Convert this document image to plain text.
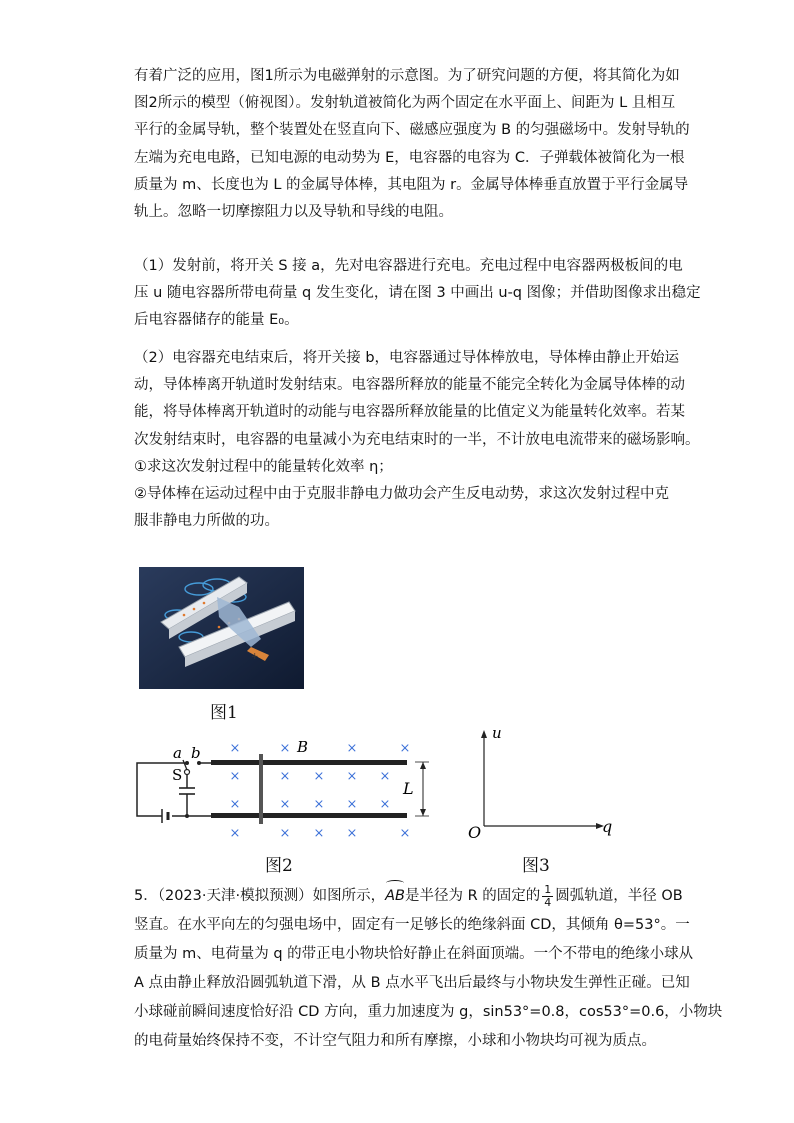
有着广泛的应用，图1所示为电磁弹射的示意图。为了研究问题的方便，将其简化为如
图2所示的模型（俯视图）。发射轨道被简化为两个固定在水平面上、间距为 L 且相互
平行的金属导轨，整个装置处在竖直向下、磁感应强度为 B 的匀强磁场中。发射导轨的
左端为充电电路，已知电源的电动势为 E，电容器的电容为 C．子弹载体被简化为一根
质量为 m、长度也为 L 的金属导体棒，其电阻为 r。金属导体棒垂直放置于平行金属导
轨上。忽略一切摩擦阻力以及导轨和导线的电阻。
（1）发射前，将开关 S 接 a，先对电容器进行充电。充电过程中电容器两极板间的电
压 u 随电容器所带电荷量 q 发生变化，请在图 3 中画出 u-q 图像；并借助图像求出稳定
后电容器储存的能量 E₀。
（2）电容器充电结束后，将开关接 b，电容器通过导体棒放电，导体棒由静止开始运
动，导体棒离开轨道时发射结束。电容器所释放的能量不能完全转化为金属导体棒的动
能，将导体棒离开轨道时的动能与电容器所释放能量的比值定义为能量转化效率。若某
次发射结束时，电容器的电量减小为充电结束时的一半，不计放电电流带来的磁场影响。
①求这次发射过程中的能量转化效率 η；
②导体棒在运动过程中由于克服非静电力做功会产生反电动势，求这次发射过程中克
服非静电力所做的功。
+
图1
×	×	×	×
×	× × × ×
×	× × × ×
×	× × ×	×
a b
S
B
L
图2
u
q
O
图3
5．（2023·天津·模拟预测）如图所示，AB是半径为 R 的固定的 $\frac{1}{4}$ 圆弧轨道，半径 OB
竖直。在水平向左的匀强电场中，固定有一足够长的绝缘斜面 CD，其倾角 θ=53°。一
质量为 m、电荷量为 q 的带正电小物块恰好静止在斜面顶端。一个不带电的绝缘小球从
A 点由静止释放沿圆弧轨道下滑，从 B 点水平飞出后最终与小物块发生弹性正碰。已知
小球碰前瞬间速度恰好沿 CD 方向，重力加速度为 g，sin53°=0.8，cos53°=0.6，小物块
的电荷量始终保持不变，不计空气阻力和所有摩擦，小球和小物块均可视为质点。
